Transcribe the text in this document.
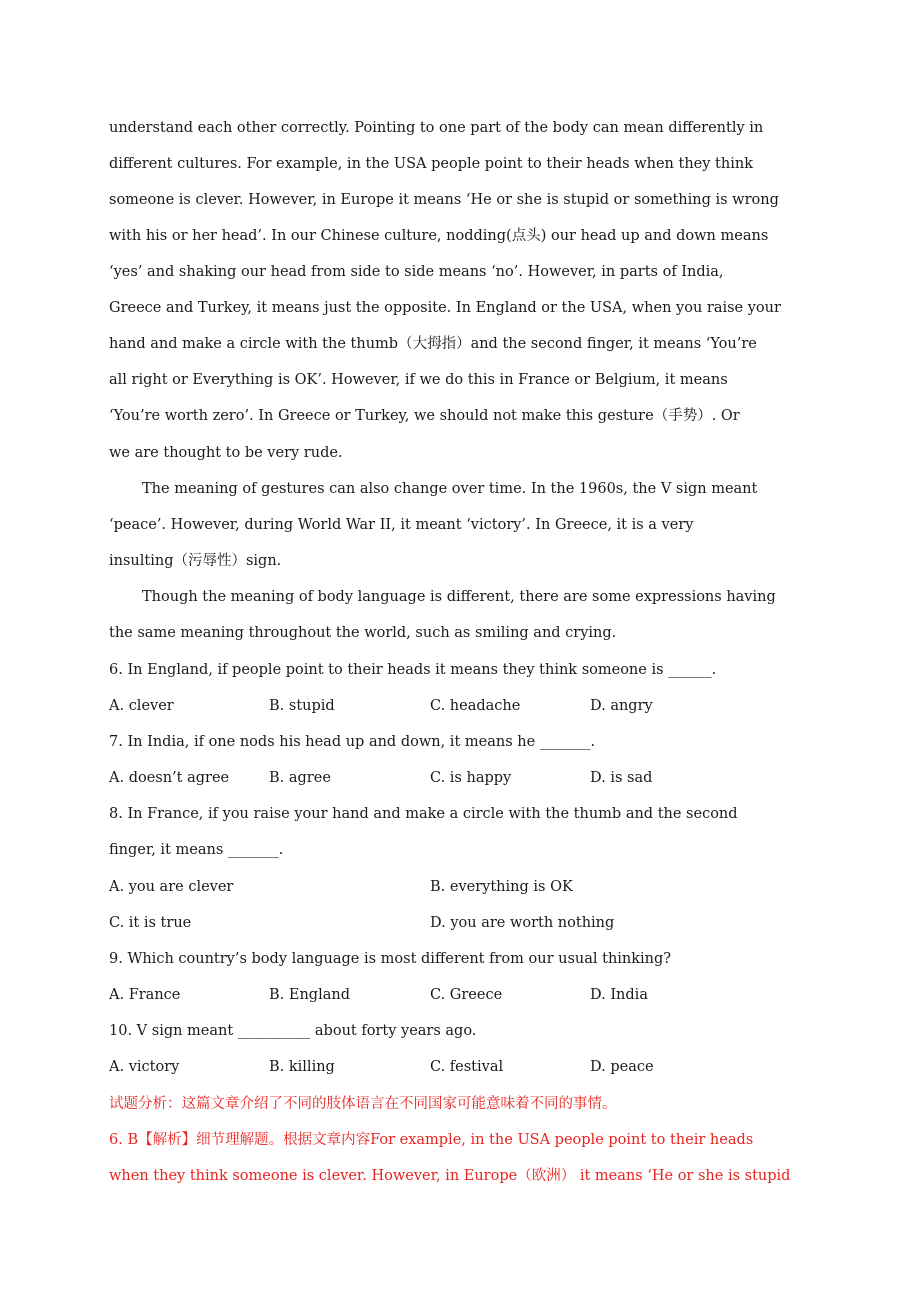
understand each other correctly. Pointing to one part of the body can mean differently in
different cultures. For example, in the USA people point to their heads when they think
someone is clever. However, in Europe it means ‘He or she is stupid or something is wrong
with his or her head’. In our Chinese culture, nodding(点头) our head up and down means
‘yes’ and shaking our head from side to side means ‘no’. However, in parts of India,
Greece and Turkey, it means just the opposite. In England or the USA, when you raise your
hand and make a circle with the thumb（大拇指）and the second finger, it means ‘You’re
all right or Everything is OK’. However, if we do this in France or Belgium, it means
‘You’re worth zero’. In Greece or Turkey, we should not make this gesture（手势）. Or
we are thought to be very rude.
The meaning of gestures can also change over time. In the 1960s, the V sign meant
‘peace’. However, during World War II, it meant ‘victory’. In Greece, it is a very
insulting（污辱性）sign.
Though the meaning of body language is different, there are some expressions having
the same meaning throughout the world, such as smiling and crying.
6. In England, if people point to their heads it means they think someone is ______.
A. clever	B. stupid	C. headache	D. angry
7. In India, if one nods his head up and down, it means he _______.
A. doesn’t agree	B. agree	C. is happy	D. is sad
8. In France, if you raise your hand and make a circle with the thumb and the second
finger, it means _______.
A. you are clever	B. everything is OK
C. it is true	D. you are worth nothing
9. Which country’s body language is most different from our usual thinking?
A. France	B. England	C. Greece	D. India
10. V sign meant __________ about forty years ago.
A. victory	B. killing	C. festival	D. peace
试题分析：这篇文章介绍了不同的肢体语言在不同国家可能意味着不同的事情。
6. B【解析】细节理解题。根据文章内容For example, in the USA people point to their heads
when they think someone is clever. However, in Europe（欧洲） it means ‘He or she is stupid
